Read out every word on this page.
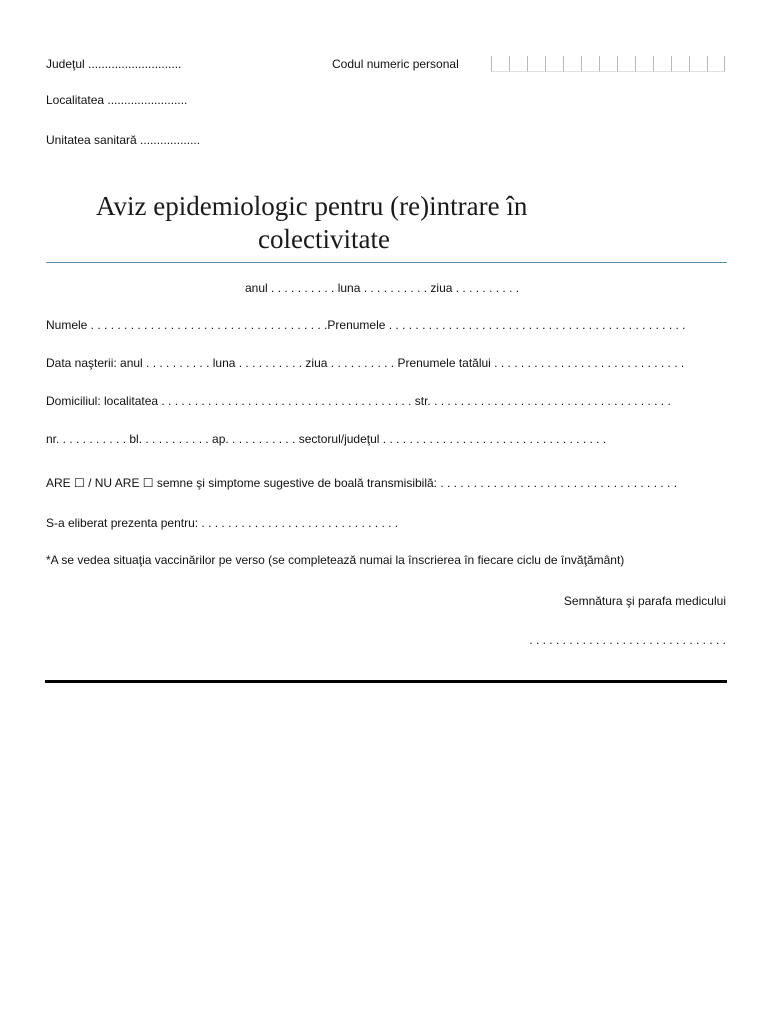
Judeţul ............................	Codul numeric personal
Localitatea ........................
Unitatea sanitară ..................
Aviz epidemiologic pentru (re)intrare în
colectivitate
anul . . . . . . . . . . luna . . . . . . . . . . ziua . . . . . . . . . .
Numele . . . . . . . . . . . . . . . . . . . . . . . . . . . . . . . . . . . .Prenumele . . . . . . . . . . . . . . . . . . . . . . . . . . . . . . . . . . . . . . . . . . . . .
Data naşterii: anul . . . . . . . . . . luna . . . . . . . . . . ziua . . . . . . . . . . Prenumele tatălui . . . . . . . . . . . . . . . . . . . . . . . . . . . . .
Domiciliul: localitatea . . . . . . . . . . . . . . . . . . . . . . . . . . . . . . . . . . . . . . str. . . . . . . . . . . . . . . . . . . . . . . . . . . . . . . . . . . . .
nr. . . . . . . . . . . bl. . . . . . . . . . . ap. . . . . . . . . . . sectorul/judeţul . . . . . . . . . . . . . . . . . . . . . . . . . . . . . . . . . .
ARE ☐ / NU ARE ☐ semne şi simptome sugestive de boală transmisibilă: . . . . . . . . . . . . . . . . . . . . . . . . . . . . . . . . . . . .
S-a eliberat prezenta pentru: . . . . . . . . . . . . . . . . . . . . . . . . . . . . . .
*A se vedea situaţia vaccinărilor pe verso (se completează numai la înscrierea în fiecare ciclu de învăţământ)
Semnătura şi parafa medicului
. . . . . . . . . . . . . . . . . . . . . . . . . . . . . .
